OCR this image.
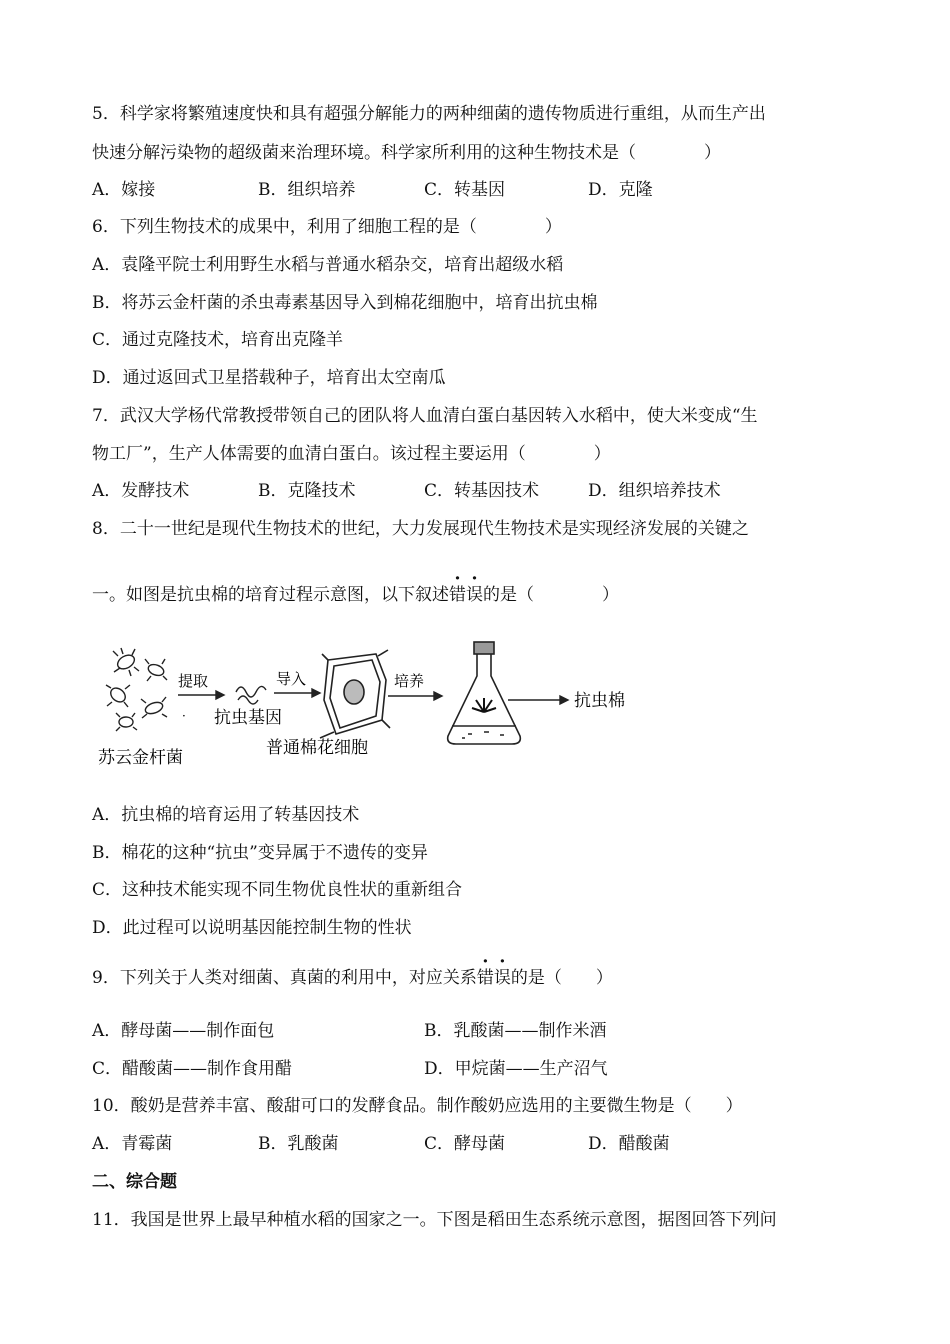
5．科学家将繁殖速度快和具有超强分解能力的两种细菌的遗传物质进行重组，从而生产出
快速分解污染物的超级菌来治理环境。科学家所利用的这种生物技术是（　　　　）
A．嫁接	B．组织培养	C．转基因	D．克隆
6．下列生物技术的成果中，利用了细胞工程的是（　　　　）
A．袁隆平院士利用野生水稻与普通水稻杂交，培育出超级水稻
B．将苏云金杆菌的杀虫毒素基因导入到棉花细胞中，培育出抗虫棉
C．通过克隆技术，培育出克隆羊
D．通过返回式卫星搭载种子，培育出太空南瓜
7．武汉大学杨代常教授带领自己的团队将人血清白蛋白基因转入水稻中，使大米变成“生
物工厂”，生产人体需要的血清白蛋白。该过程主要运用（　　　　）
A．发酵技术	B．克隆技术	C．转基因技术	D．组织培养技术
8．二十一世纪是现代生物技术的世纪，大力发展现代生物技术是实现经济发展的关键之
一。如图是抗虫棉的培育过程示意图，以下叙述错误的是（　　　　）
苏云金杆菌
提取
· 抗虫基因
导入
普通棉花细胞
培养
抗虫棉
A．抗虫棉的培育运用了转基因技术
B．棉花的这种“抗虫”变异属于不遗传的变异
C．这种技术能实现不同生物优良性状的重新组合
D．此过程可以说明基因能控制生物的性状
9．下列关于人类对细菌、真菌的利用中，对应关系错误的是（　　）
A．酵母菌——制作面包	B．乳酸菌——制作米酒
C．醋酸菌——制作食用醋	D．甲烷菌——生产沼气
10．酸奶是营养丰富、酸甜可口的发酵食品。制作酸奶应选用的主要微生物是（　　）
A．青霉菌	B．乳酸菌	C．酵母菌	D．醋酸菌
二、综合题
11．我国是世界上最早种植水稻的国家之一。下图是稻田生态系统示意图，据图回答下列问
